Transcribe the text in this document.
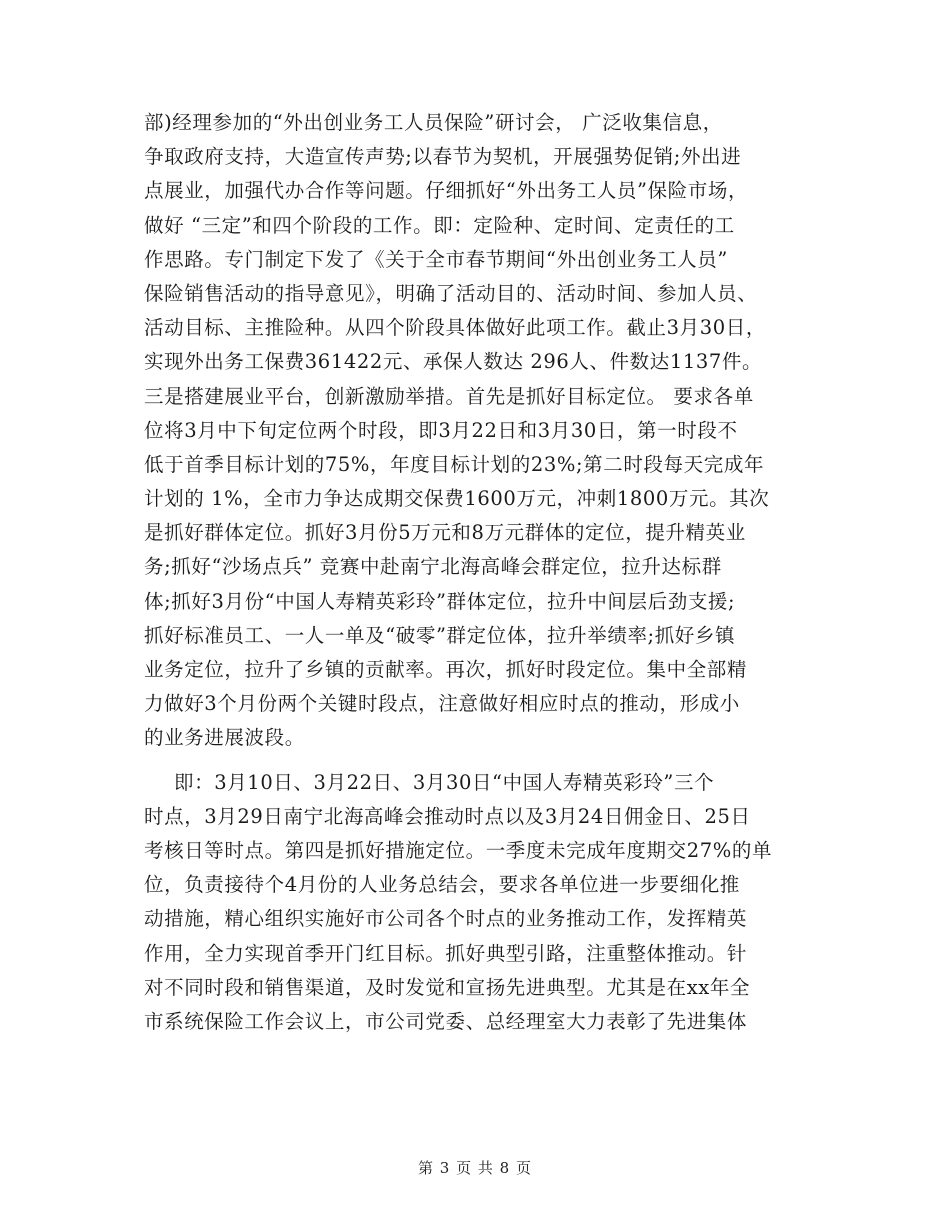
部)经理参加的“外出创业务工人员保险”研讨会， 广泛收集信息，
争取政府支持，大造宣传声势;以春节为契机，开展强势促销;外出进
点展业，加强代办合作等问题。仔细抓好“外出务工人员”保险市场，
做好 “三定”和四个阶段的工作。即：定险种、定时间、定责任的工
作思路。专门制定下发了《关于全市春节期间“外出创业务工人员”
保险销售活动的指导意见》，明确了活动目的、活动时间、参加人员、
活动目标、主推险种。从四个阶段具体做好此项工作。截止3月30日，
实现外出务工保费361422元、承保人数达 296人、件数达1137件。
三是搭建展业平台，创新激励举措。首先是抓好目标定位。 要求各单
位将3月中下旬定位两个时段，即3月22日和3月30日，第一时段不
低于首季目标计划的75%，年度目标计划的23%;第二时段每天完成年
计划的 1%，全市力争达成期交保费1600万元，冲刺1800万元。其次
是抓好群体定位。抓好3月份5万元和8万元群体的定位，提升精英业
务;抓好“沙场点兵” 竞赛中赴南宁北海高峰会群定位，拉升达标群
体;抓好3月份“中国人寿精英彩玲”群体定位，拉升中间层后劲支援;
抓好标准员工、一人一单及“破零”群定位体，拉升举绩率;抓好乡镇
业务定位，拉升了乡镇的贡献率。再次，抓好时段定位。集中全部精
力做好3个月份两个关键时段点，注意做好相应时点的推动，形成小
的业务进展波段。
即：3月10日、3月22日、3月30日“中国人寿精英彩玲”三个
时点，3月29日南宁北海高峰会推动时点以及3月24日佣金日、25日
考核日等时点。第四是抓好措施定位。一季度未完成年度期交27%的单
位，负责接待个4月份的人业务总结会，要求各单位进一步要细化推
动措施，精心组织实施好市公司各个时点的业务推动工作，发挥精英
作用，全力实现首季开门红目标。抓好典型引路，注重整体推动。针
对不同时段和销售渠道，及时发觉和宣扬先进典型。尤其是在xx年全
市系统保险工作会议上，市公司党委、总经理室大力表彰了先进集体
第 3 页 共 8 页
